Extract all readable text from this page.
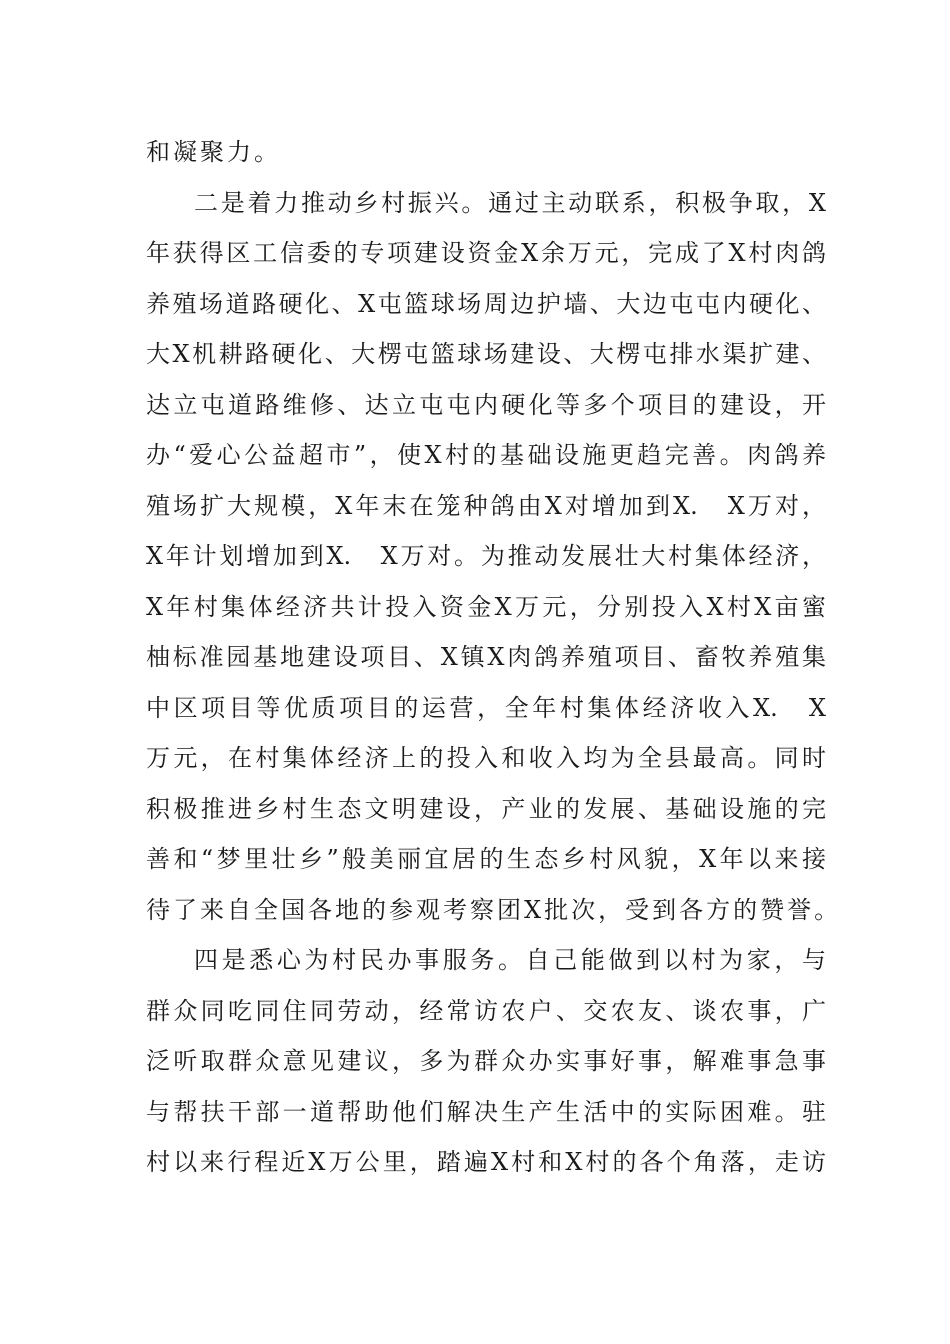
和凝聚力。
二是着力推动乡村振兴。通过主动联系，积极争取，X
年获得区工信委的专项建设资金X余万元，完成了X村肉鸽
养殖场道路硬化、X屯篮球场周边护墙、大边屯屯内硬化、
大X机耕路硬化、大楞屯篮球场建设、大楞屯排水渠扩建、
达立屯道路维修、达立屯屯内硬化等多个项目的建设，开
办“爱心公益超市”，使X村的基础设施更趋完善。肉鸽养
殖场扩大规模，X年末在笼种鸽由X对增加到X.　X万对，
X年计划增加到X.　X万对。为推动发展壮大村集体经济，
X年村集体经济共计投入资金X万元，分别投入X村X亩蜜
柚标准园基地建设项目、X镇X肉鸽养殖项目、畜牧养殖集
中区项目等优质项目的运营，全年村集体经济收入X.　X
万元，在村集体经济上的投入和收入均为全县最高。同时
积极推进乡村生态文明建设，产业的发展、基础设施的完
善和“梦里壮乡”般美丽宜居的生态乡村风貌，X年以来接
待了来自全国各地的参观考察团X批次，受到各方的赞誉。
四是悉心为村民办事服务。自己能做到以村为家，与
群众同吃同住同劳动，经常访农户、交农友、谈农事，广
泛听取群众意见建议，多为群众办实事好事，解难事急事
与帮扶干部一道帮助他们解决生产生活中的实际困难。驻
村以来行程近X万公里，踏遍X村和X村的各个角落，走访
